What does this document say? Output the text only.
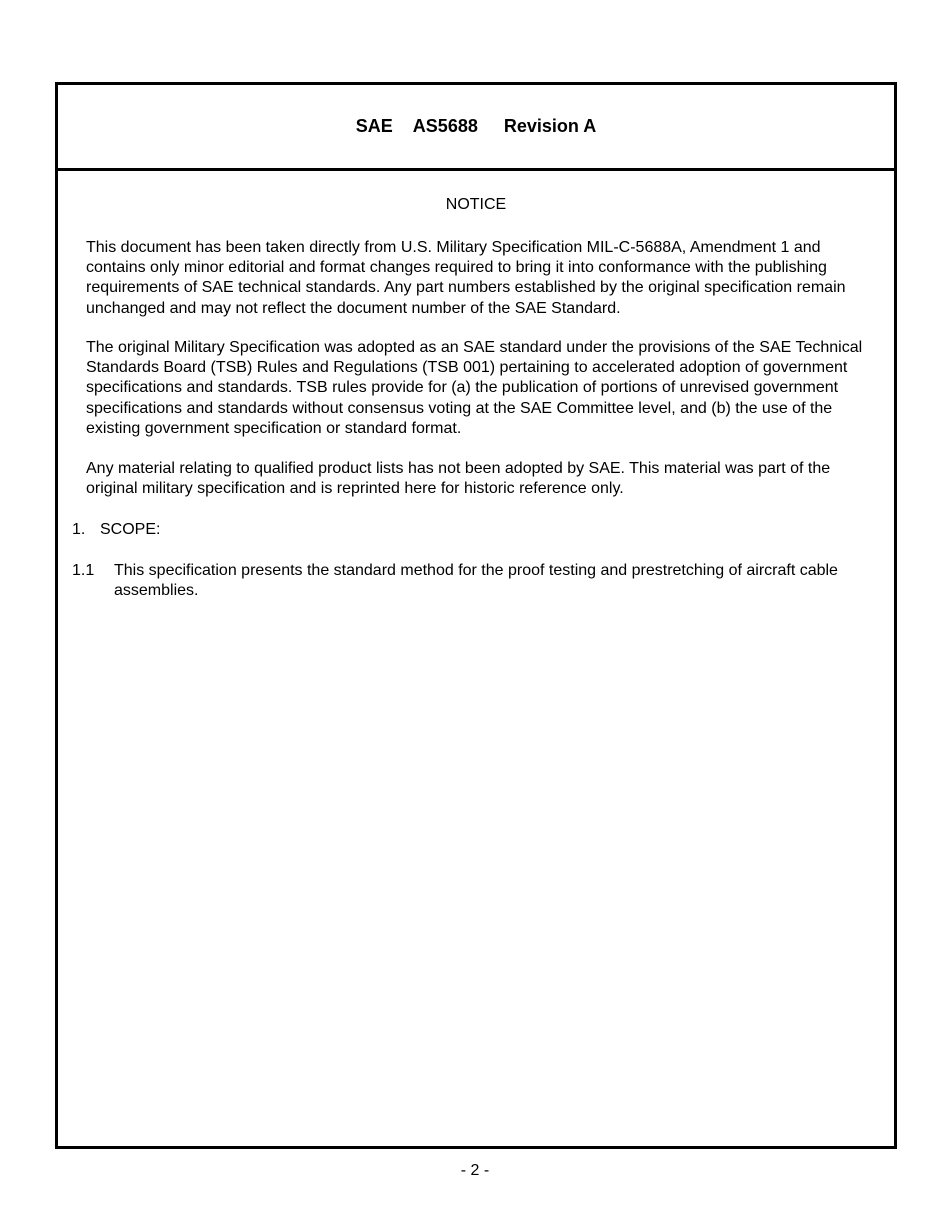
SAE AS5688 Revision A
NOTICE
This document has been taken directly from U.S. Military Specification MIL-C-5688A, Amendment 1 and contains only minor editorial and format changes required to bring it into conformance with the publishing requirements of SAE technical standards. Any part numbers established by the original specification remain unchanged and may not reflect the document number of the SAE Standard.
The original Military Specification was adopted as an SAE standard under the provisions of the SAE Technical Standards Board (TSB) Rules and Regulations (TSB 001) pertaining to accelerated adoption of government specifications and standards. TSB rules provide for (a) the publication of portions of unrevised government specifications and standards without consensus voting at the SAE Committee level, and (b) the use of the existing government specification or standard format.
Any material relating to qualified product lists has not been adopted by SAE. This material was part of the original military specification and is reprinted here for historic reference only.
1. SCOPE:
1.1	This specification presents the standard method for the proof testing and prestretching of aircraft cable assemblies.
- 2 -
